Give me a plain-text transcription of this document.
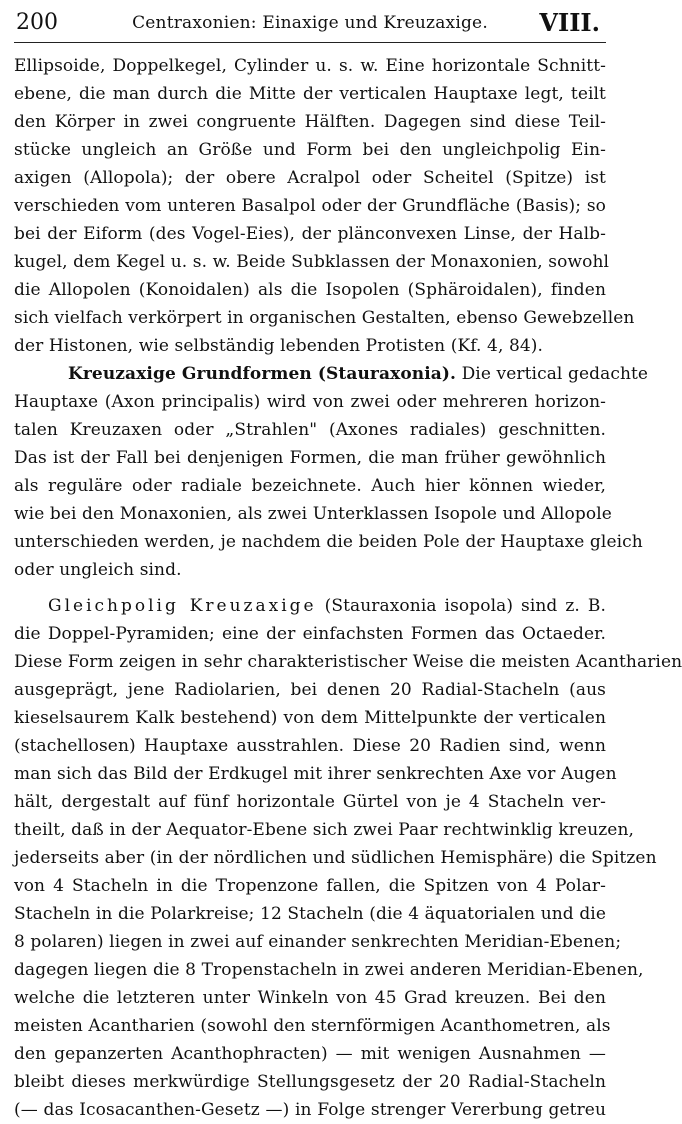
200	Centraxonien: Einaxige und Kreuzaxige.	VIII.
Ellipsoide, Doppelkegel, Cylinder u. s. w. Eine horizontale Schnitt-
ebene, die man durch die Mitte der verticalen Hauptaxe legt, teilt
den Körper in zwei congruente Hälften. Dagegen sind diese Teil-
stücke ungleich an Größe und Form bei den ungleichpolig Ein-
axigen (Allopola); der obere Acralpol oder Scheitel (Spitze) ist
verschieden vom unteren Basalpol oder der Grundfläche (Basis); so
bei der Eiform (des Vogel-Eies), der plänconvexen Linse, der Halb-
kugel, dem Kegel u. s. w. Beide Subklassen der Monaxonien, sowohl
die Allopolen (Konoidalen) als die Isopolen (Sphäroidalen), finden
sich vielfach verkörpert in organischen Gestalten, ebenso Gewebzellen
der Histonen, wie selbständig lebenden Protisten (Kf. 4, 84).
Kreuzaxige Grundformen (Stauraxonia). Die vertical gedachte
Hauptaxe (Axon principalis) wird von zwei oder mehreren horizon-
talen Kreuzaxen oder „Strahlen" (Axones radiales) geschnitten.
Das ist der Fall bei denjenigen Formen, die man früher gewöhnlich
als reguläre oder radiale bezeichnete. Auch hier können wieder,
wie bei den Monaxonien, als zwei Unterklassen Isopole und Allopole
unterschieden werden, je nachdem die beiden Pole der Hauptaxe gleich
oder ungleich sind.
Gleichpolig Kreuzaxige (Stauraxonia isopola) sind z. B.
die Doppel-Pyramiden; eine der einfachsten Formen das Octaeder.
Diese Form zeigen in sehr charakteristischer Weise die meisten Acantharien
ausgeprägt, jene Radiolarien, bei denen 20 Radial-Stacheln (aus
kieselsaurem Kalk bestehend) von dem Mittelpunkte der verticalen
(stachellosen) Hauptaxe ausstrahlen. Diese 20 Radien sind, wenn
man sich das Bild der Erdkugel mit ihrer senkrechten Axe vor Augen
hält, dergestalt auf fünf horizontale Gürtel von je 4 Stacheln ver-
theilt, daß in der Aequator-Ebene sich zwei Paar rechtwinklig kreuzen,
jederseits aber (in der nördlichen und südlichen Hemisphäre) die Spitzen
von 4 Stacheln in die Tropenzone fallen, die Spitzen von 4 Polar-
Stacheln in die Polarkreise; 12 Stacheln (die 4 äquatorialen und die
8 polaren) liegen in zwei auf einander senkrechten Meridian-Ebenen;
dagegen liegen die 8 Tropenstacheln in zwei anderen Meridian-Ebenen,
welche die letzteren unter Winkeln von 45 Grad kreuzen. Bei den
meisten Acantharien (sowohl den sternförmigen Acanthometren, als
den gepanzerten Acanthophracten) — mit wenigen Ausnahmen —
bleibt dieses merkwürdige Stellungsgesetz der 20 Radial-Stacheln
(— das Icosacanthen-Gesetz —) in Folge strenger Vererbung getreu
